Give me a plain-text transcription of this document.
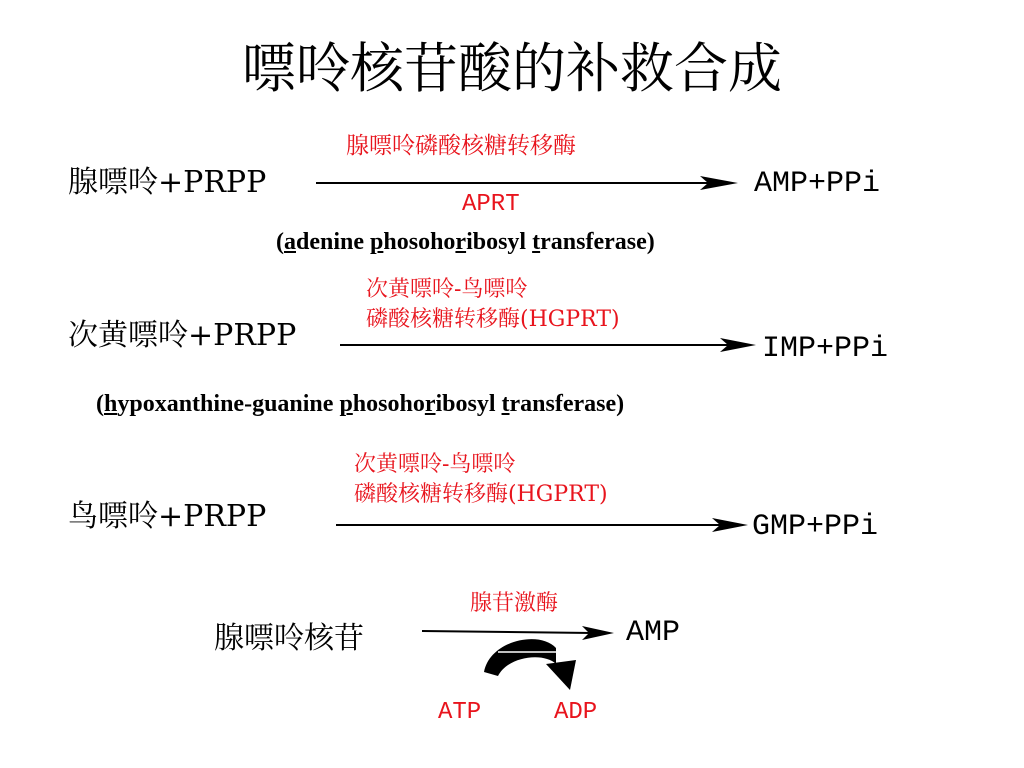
嘌呤核苷酸的补救合成
腺嘌呤+PRPP
腺嘌呤磷酸核糖转移酶
APRT
AMP+PPi
(adenine phosohoribosyl transferase)
次黄嘌呤+PRPP
次黄嘌呤-鸟嘌呤
磷酸核糖转移酶(HGPRT)
IMP+PPi
(hypoxanthine-guanine phosohoribosyl transferase)
鸟嘌呤+PRPP
次黄嘌呤-鸟嘌呤
磷酸核糖转移酶(HGPRT)
GMP+PPi
腺嘌呤核苷
腺苷激酶
AMP
ATP	ADP
